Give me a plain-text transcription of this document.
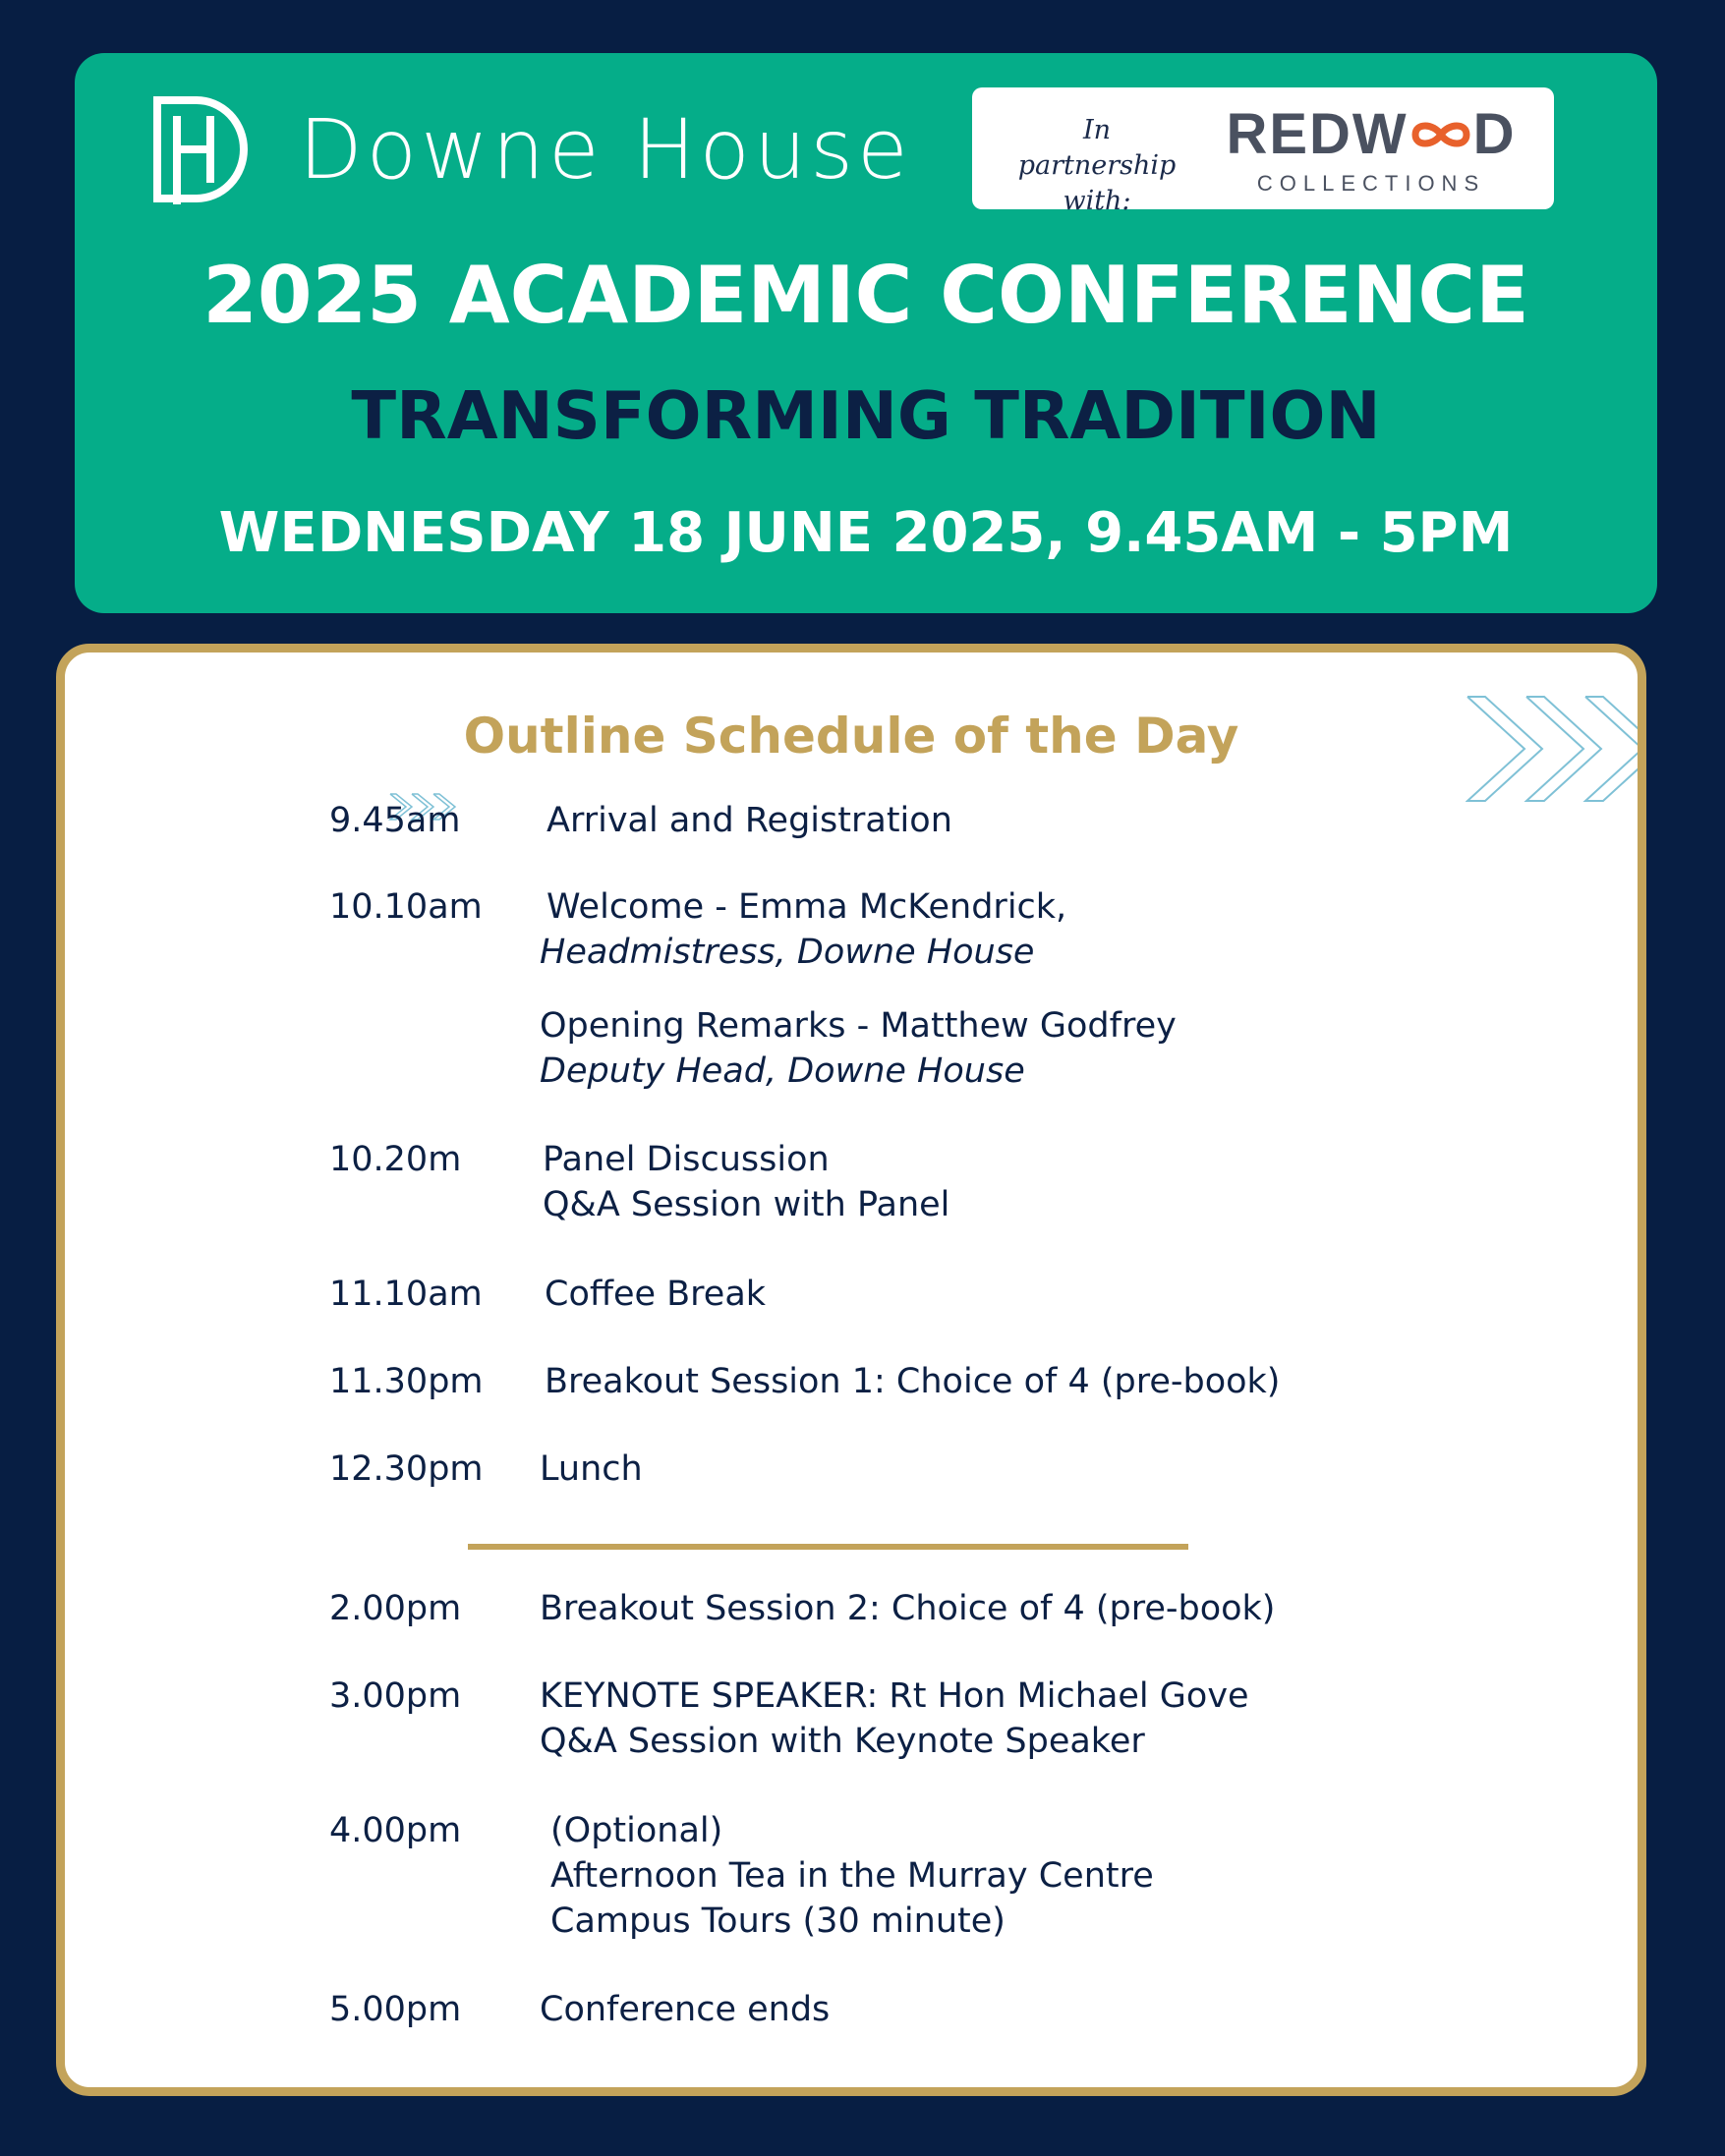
Downe House	In partnership
with:
REDW D
COLLECTIONS
2025 ACADEMIC CONFERENCE
TRANSFORMING TRADITION
WEDNESDAY 18 JUNE 2025, 9.45AM - 5PM
Outline Schedule of the Day
9.45am	Arrival and Registration
10.10am Welcome - Emma McKendrick,
Headmistress, Downe House
Opening Remarks - Matthew Godfrey
Deputy Head, Downe House
10.20m Panel Discussion
Q&A Session with Panel
11.10am Coffee Break
11.30pm Breakout Session 1: Choice of 4 (pre-book)
12.30pm Lunch
2.00pm Breakout Session 2: Choice of 4 (pre-book)
3.00pm KEYNOTE SPEAKER: Rt Hon Michael Gove
Q&A Session with Keynote Speaker
4.00pm	(Optional)
Afternoon Tea in the Murray Centre
Campus Tours (30 minute)
5.00pm Conference ends
